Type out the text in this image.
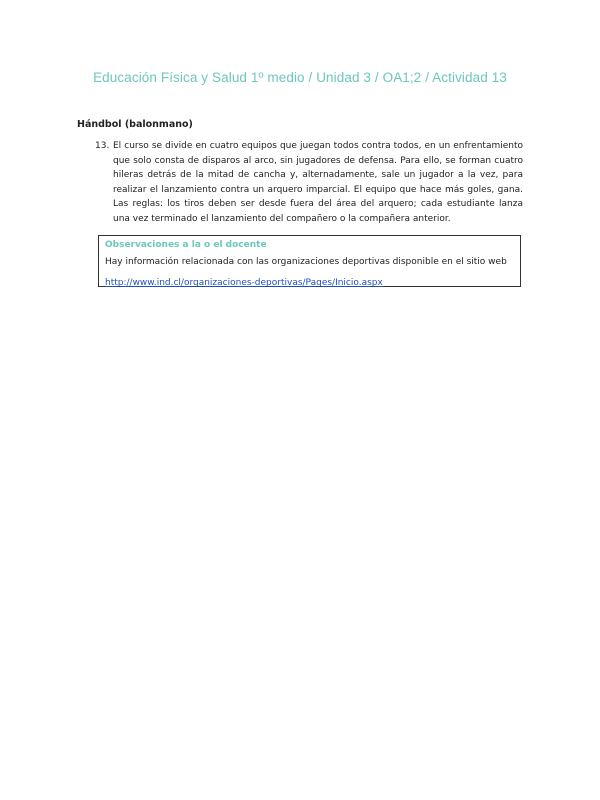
Educación Física y Salud 1º medio / Unidad 3 / OA1;2 / Actividad 13
Hándbol (balonmano)
13. El curso se divide en cuatro equipos que juegan todos contra todos, en un enfrentamiento que solo consta de disparos al arco, sin jugadores de defensa. Para ello, se forman cuatro hileras detrás de la mitad de cancha y, alternadamente, sale un jugador a la vez, para realizar el lanzamiento contra un arquero imparcial. El equipo que hace más goles, gana. Las reglas: los tiros deben ser desde fuera del área del arquero; cada estudiante lanza una vez terminado el lanzamiento del compañero o la compañera anterior.
Observaciones a la o el docente
Hay información relacionada con las organizaciones deportivas disponible en el sitio web
http://www.ind.cl/organizaciones-deportivas/Pages/Inicio.aspx
